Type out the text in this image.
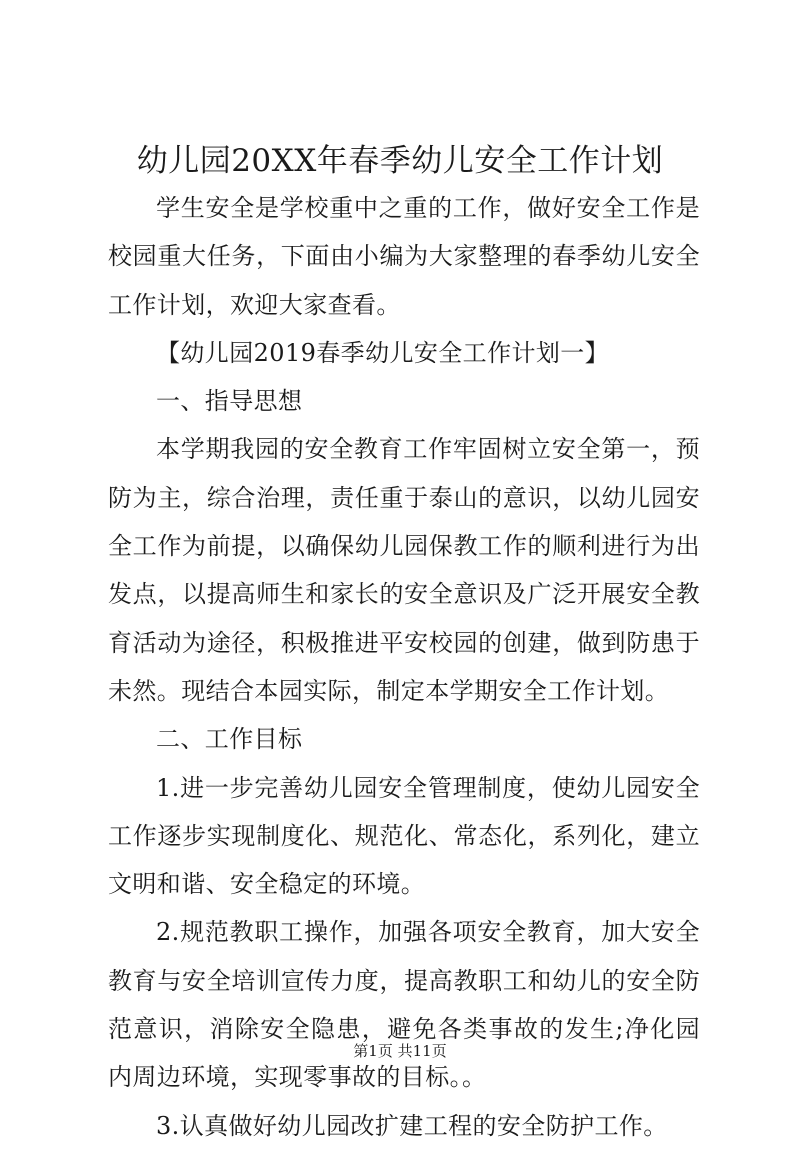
幼儿园20XX年春季幼儿安全工作计划

学生安全是学校重中之重的工作，做好安全工作是校园重大任务，下面由小编为大家整理的春季幼儿安全工作计划，欢迎大家查看。

【幼儿园2019春季幼儿安全工作计划一】

一、指导思想

本学期我园的安全教育工作牢固树立安全第一，预防为主，综合治理，责任重于泰山的意识，以幼儿园安全工作为前提，以确保幼儿园保教工作的顺利进行为出发点，以提高师生和家长的安全意识及广泛开展安全教育活动为途径，积极推进平安校园的创建，做到防患于未然。现结合本园实际，制定本学期安全工作计划。

二、工作目标

1.进一步完善幼儿园安全管理制度，使幼儿园安全工作逐步实现制度化、规范化、常态化，系列化，建立文明和谐、安全稳定的环境。

2.规范教职工操作，加强各项安全教育，加大安全教育与安全培训宣传力度，提高教职工和幼儿的安全防范意识，消除安全隐患，避免各类事故的发生;净化园内周边环境，实现零事故的目标。。

3.认真做好幼儿园改扩建工程的安全防护工作。

第1页 共11页
